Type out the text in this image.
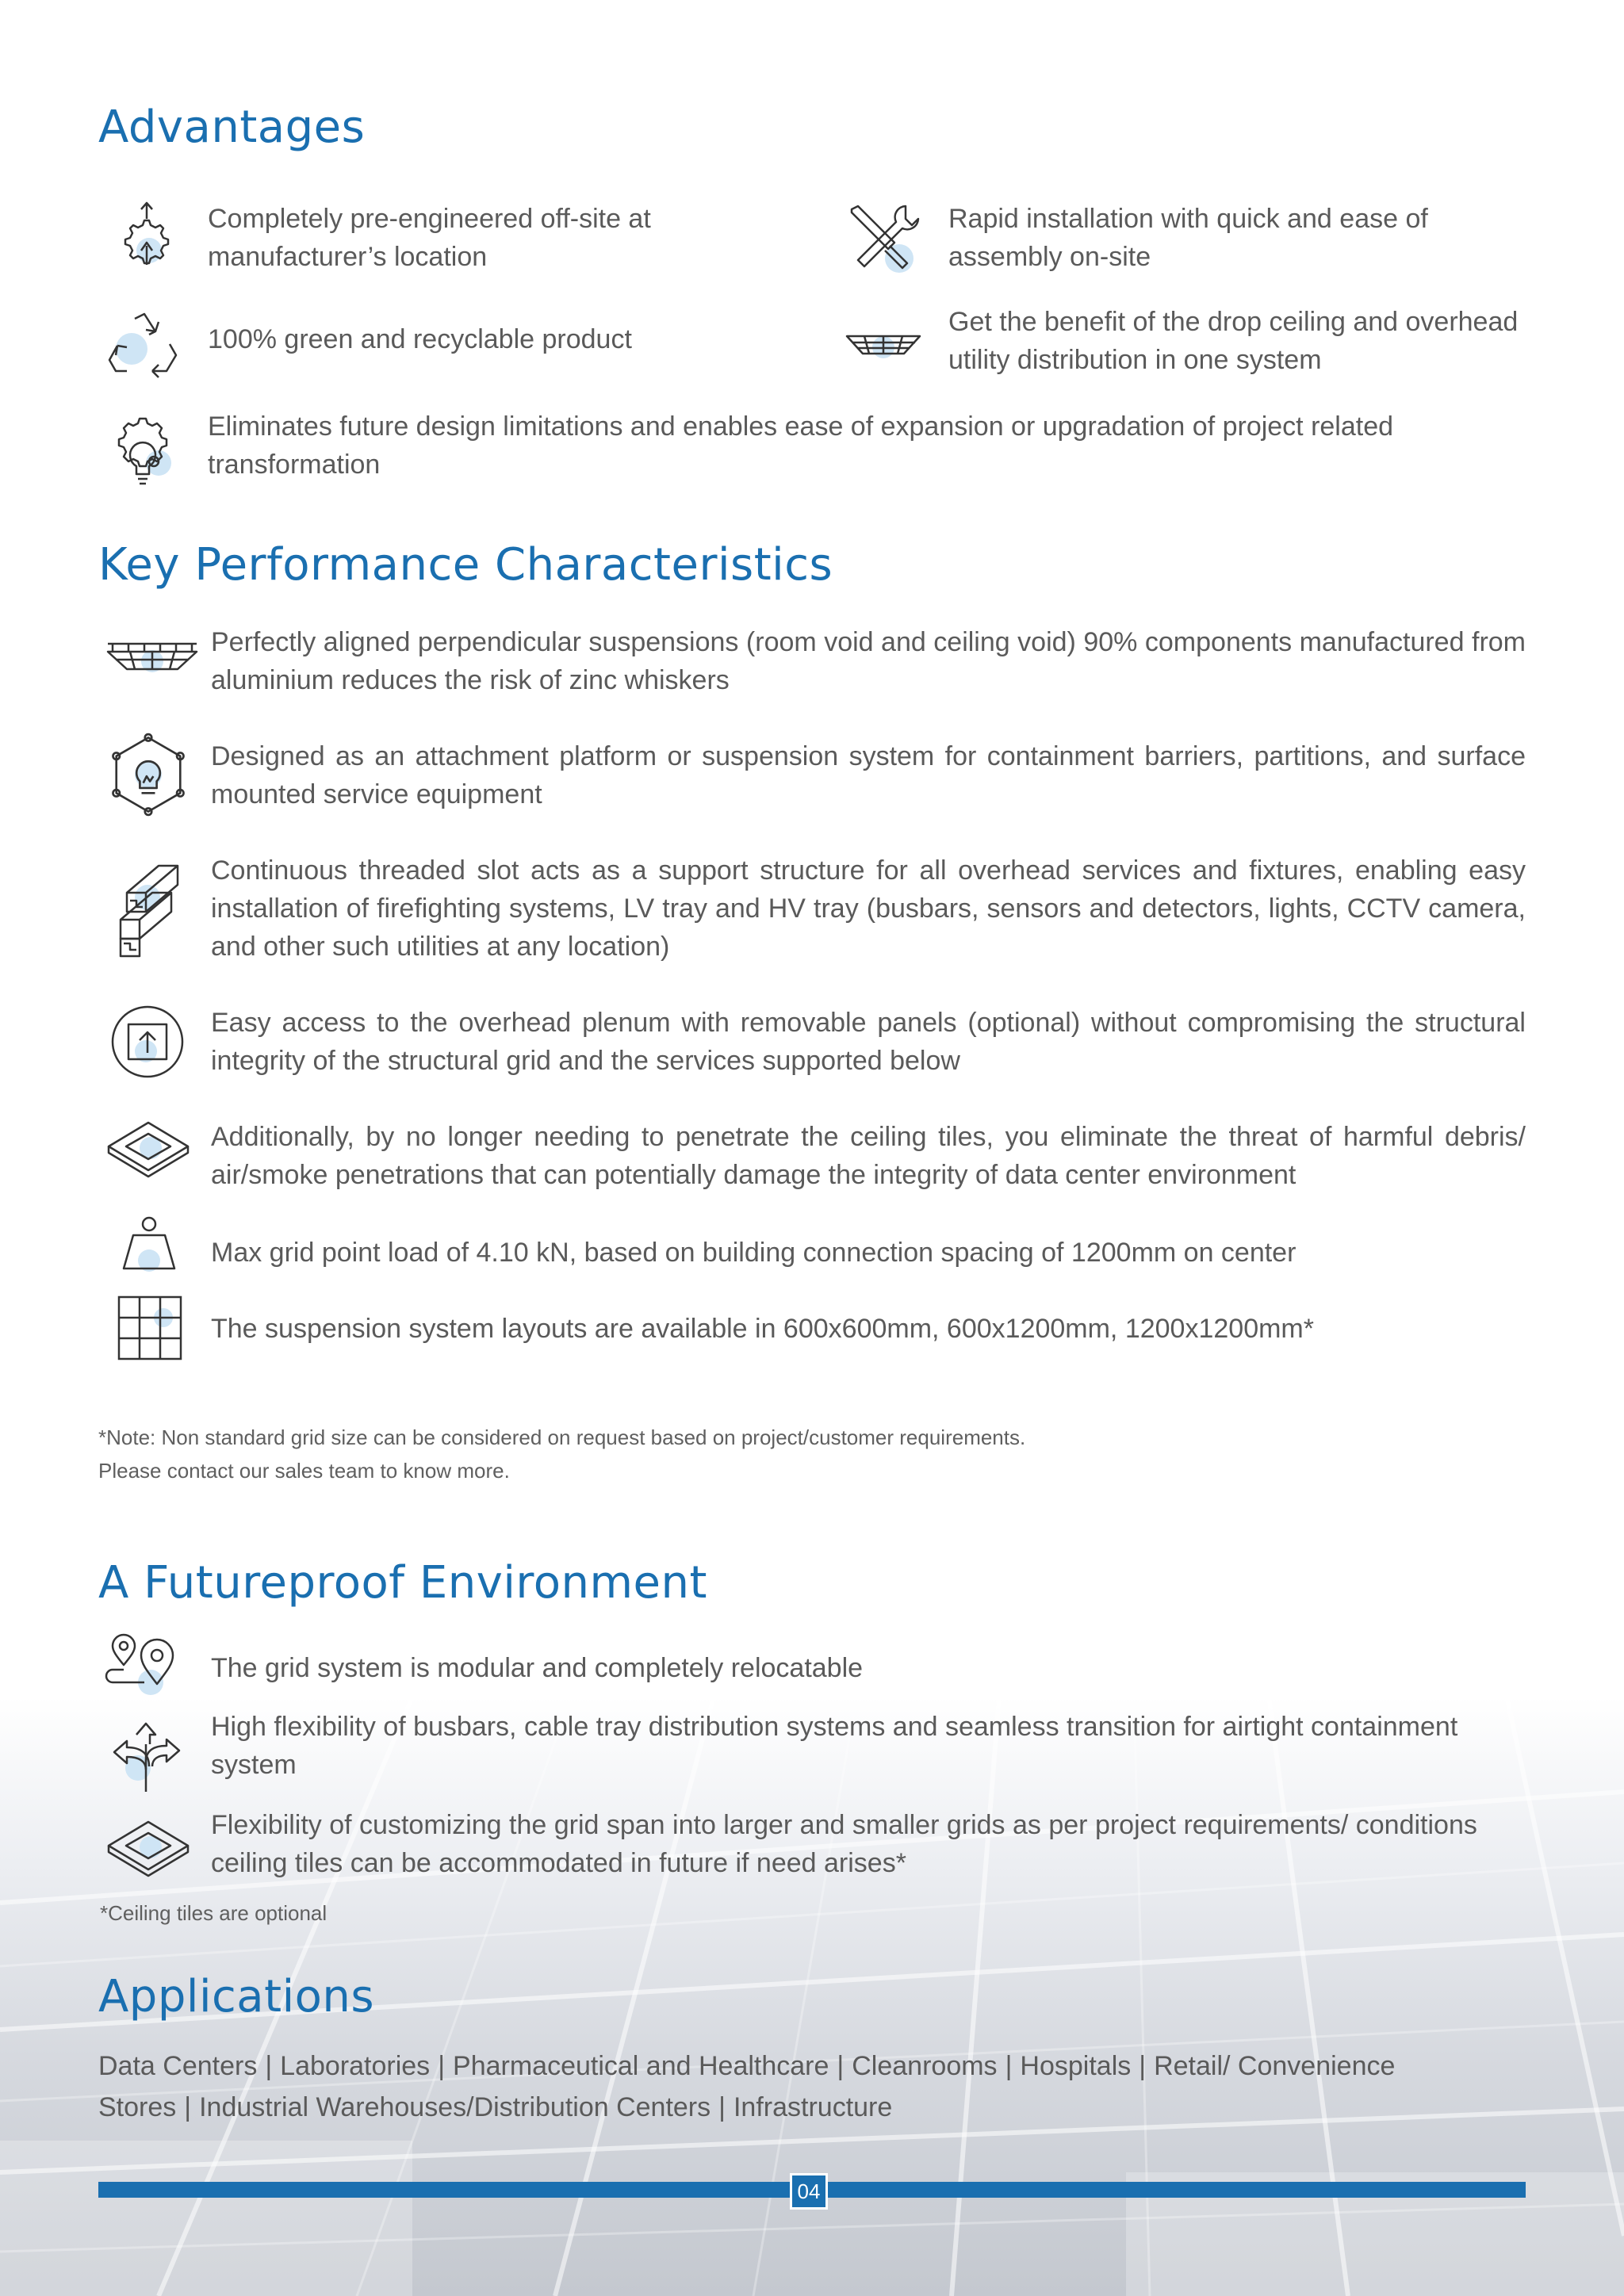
Advantages
Completely pre-engineered off-site at manufacturer’s location
Rapid installation with quick and ease of assembly on-site
100% green and recyclable product
Get the benefit of the drop ceiling and overhead utility distribution in one system
Eliminates future design limitations and enables ease of expansion or upgradation of project related transformation
Key Performance Characteristics
Perfectly aligned perpendicular suspensions (room void and ceiling void) 90% components manufactured from aluminium reduces the risk of zinc whiskers
Designed as an attachment platform or suspension system for containment barriers, partitions, and surface mounted service equipment
Continuous threaded slot acts as a support structure for all overhead services and fixtures, enabling easy installation of firefighting systems, LV tray and HV tray (busbars, sensors and detectors, lights, CCTV camera, and other such utilities at any location)
Easy access to the overhead plenum with removable panels (optional) without compromising the structural integrity of the structural grid and the services supported below
Additionally, by no longer needing to penetrate the ceiling tiles, you eliminate the threat of harmful debris/ air/smoke penetrations that can potentially damage the integrity of data center environment
Max grid point load of 4.10 kN, based on building connection spacing of 1200mm on center
The suspension system layouts are available in 600x600mm, 600x1200mm, 1200x1200mm*
*Note: Non standard grid size can be considered on request based on project/customer requirements.
Please contact our sales team to know more.
A Futureproof Environment
The grid system is modular and completely relocatable
High flexibility of busbars, cable tray distribution systems and seamless transition for airtight containment system
Flexibility of customizing the grid span into larger and smaller grids as per project requirements/ conditions ceiling tiles can be accommodated in future if need arises*
*Ceiling tiles are optional
Applications
Data Centers | Laboratories | Pharmaceutical and Healthcare | Cleanrooms | Hospitals | Retail/ Convenience Stores | Industrial Warehouses/Distribution Centers | Infrastructure
04
